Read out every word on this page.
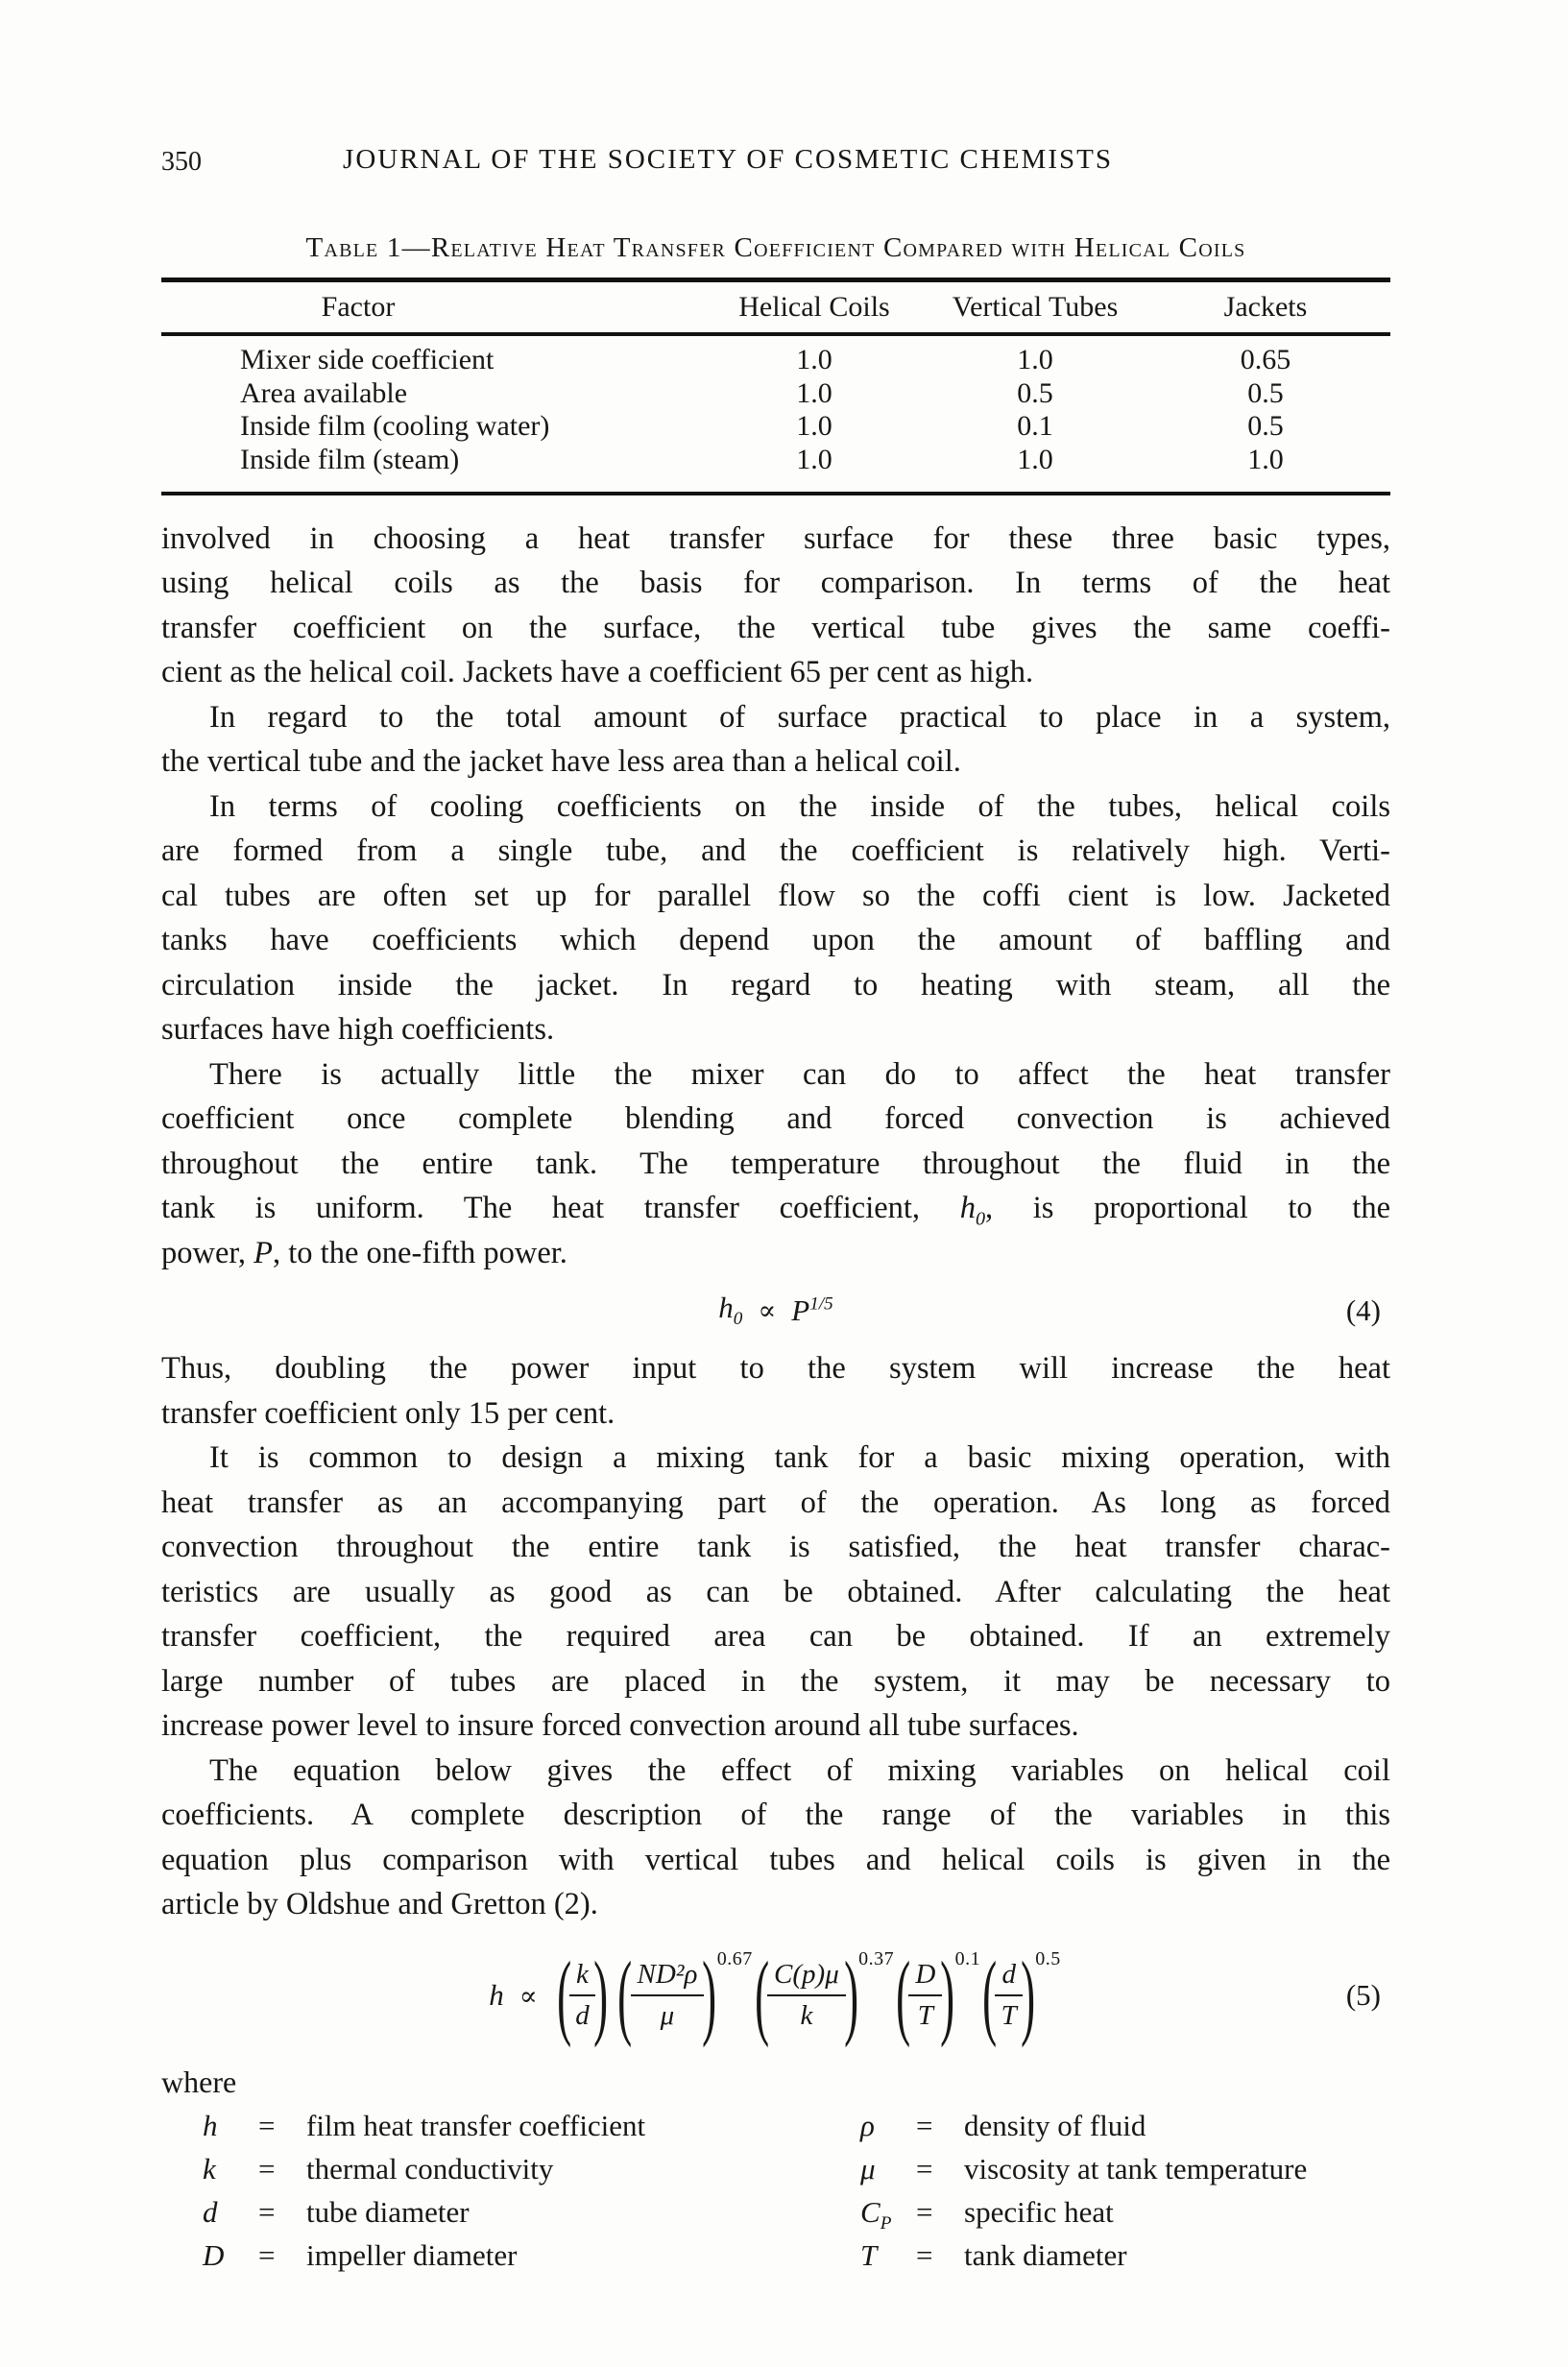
350	JOURNAL OF THE SOCIETY OF COSMETIC CHEMISTS
Table 1—Relative Heat Transfer Coefficient Compared with Helical Coils
Factor	Helical Coils	Vertical Tubes	Jackets
Mixer side coefficient	1.0	1.0	0.65
Area available	1.0	0.5	0.5
Inside film (cooling water)	1.0	0.1	0.5
Inside film (steam)	1.0	1.0	1.0
involved in choosing a heat transfer surface for these three basic types,
using helical coils as the basis for comparison. In terms of the heat
transfer coefficient on the surface, the vertical tube gives the same coeffi-
cient as the helical coil. Jackets have a coefficient 65 per cent as high.
In regard to the total amount of surface practical to place in a system,
the vertical tube and the jacket have less area than a helical coil.
In terms of cooling coefficients on the inside of the tubes, helical coils
are formed from a single tube, and the coefficient is relatively high. Verti-
cal tubes are often set up for parallel flow so the coffi cient is low. Jacketed
tanks have coefficients which depend upon the amount of baffling and
circulation inside the jacket. In regard to heating with steam, all the
surfaces have high coefficients.
There is actually little the mixer can do to affect the heat transfer
coefficient once complete blending and forced convection is achieved
throughout the entire tank. The temperature throughout the fluid in the
tank is uniform. The heat transfer coefficient, $h_0$, is proportional to the
power, P, to the one-fifth power.
$h_0 \propto P^{1/5}$	(4)
Thus, doubling the power input to the system will increase the heat
transfer coefficient only 15 per cent.
It is common to design a mixing tank for a basic mixing operation, with
heat transfer as an accompanying part of the operation. As long as forced
convection throughout the entire tank is satisfied, the heat transfer charac-
teristics are usually as good as can be obtained. After calculating the heat
transfer coefficient, the required area can be obtained. If an extremely
large number of tubes are placed in the system, it may be necessary to
increase power level to insure forced convection around all tube surfaces.
The equation below gives the effect of mixing variables on helical coil
coefficients. A complete description of the range of the variables in this
equation plus comparison with vertical tubes and helical coils is given in the
article by Oldshue and Gretton (2).
h ∝ (
$\frac{k}{d}$
) (
$\frac{\text{ND²ρ}}{\mu}$
) 0.67 (
$\frac{C(p)\mu}{k}$
) 0.37 (
$\frac{D}{T}$
) 0.1 (
$\frac{d}{T}$
) 0.5
(5)
where
h	=	film heat transfer coefficient
k	=	thermal conductivity
d	=	tube diameter
D	=	impeller diameter
ρ	=	density of fluid
μ	=	viscosity at tank temperature
$C_P$ =	specific heat
T	=	tank diameter
